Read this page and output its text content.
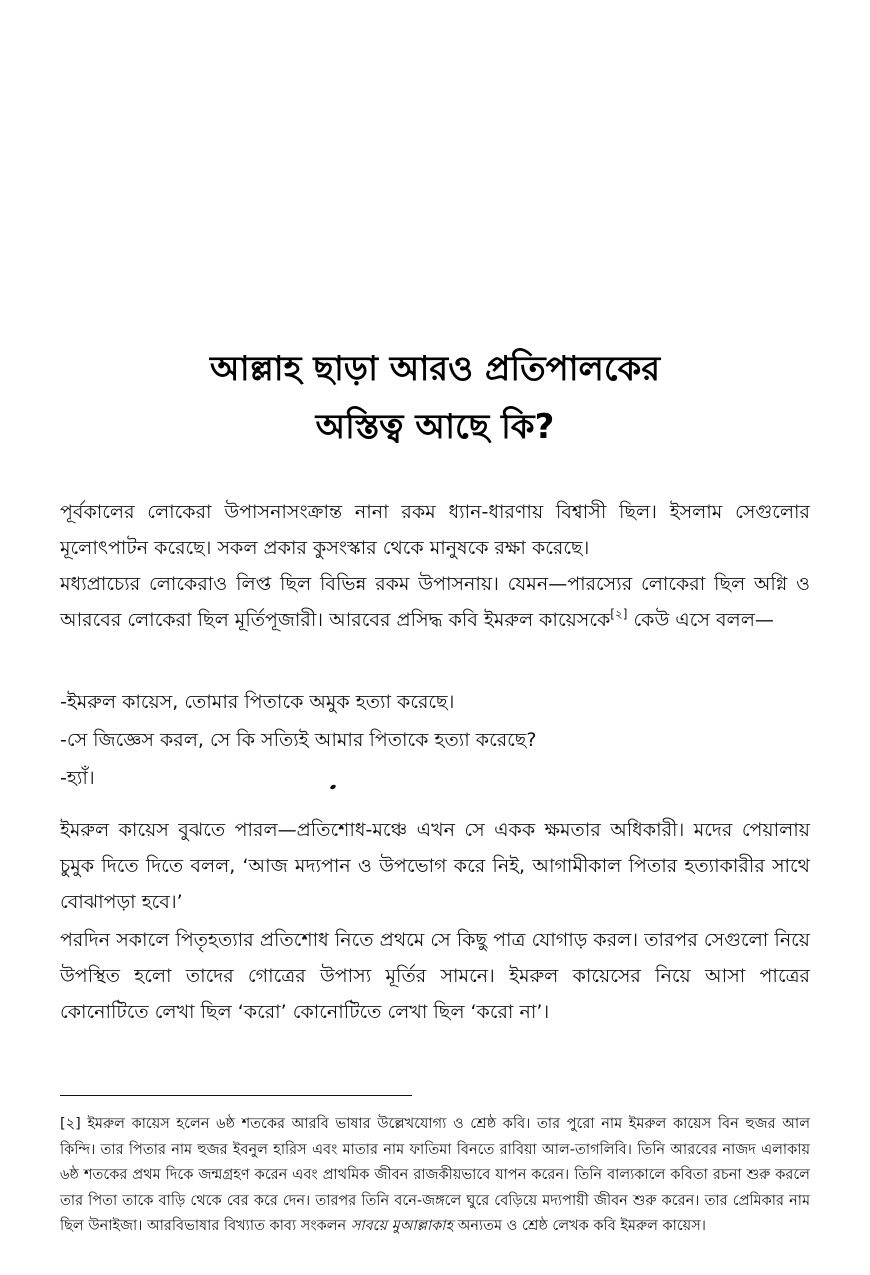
আল্লাহ ছাড়া আরও প্রতিপালকের
অস্তিত্ব আছে কি?

পূর্বকালের লোকেরা উপাসনাসংক্রান্ত নানা রকম ধ্যান-ধারণায় বিশ্বাসী ছিল। ইসলাম সেগুলোর মূলোৎপাটন করেছে। সকল প্রকার কুসংস্কার থেকে মানুষকে রক্ষা করেছে।

মধ্যপ্রাচ্যের লোকেরাও লিপ্ত ছিল বিভিন্ন রকম উপাসনায়। যেমন—পারস্যের লোকেরা ছিল অগ্নি ও আরবের লোকেরা ছিল মূর্তিপূজারী। আরবের প্রসিদ্ধ কবি ইমরুল কায়েসকে[২] কেউ এসে বলল—

-ইমরুল কায়েস, তোমার পিতাকে অমুক হত্যা করেছে।

-সে জিজ্ঞেস করল, সে কি সত্যিই আমার পিতাকে হত্যা করেছে?

-হ্যাঁ।

ইমরুল কায়েস বুঝতে পারল—প্রতিশোধ-মঞ্চে এখন সে একক ক্ষমতার অধিকারী। মদের পেয়ালায় চুমুক দিতে দিতে বলল, ‘আজ মদ্যপান ও উপভোগ করে নিই, আগামীকাল পিতার হত্যাকারীর সাথে বোঝাপড়া হবে।’

পরদিন সকালে পিতৃহত্যার প্রতিশোধ নিতে প্রথমে সে কিছু পাত্র যোগাড় করল। তারপর সেগুলো নিয়ে উপস্থিত হলো তাদের গোত্রের উপাস্য মূর্তির সামনে। ইমরুল কায়েসের নিয়ে আসা পাত্রের কোনোটিতে লেখা ছিল ‘করো’ কোনোটিতে লেখা ছিল ‘করো না’।

[২] ইমরুল কায়েস হলেন ৬ষ্ঠ শতকের আরবি ভাষার উল্লেখযোগ্য ও শ্রেষ্ঠ কবি। তার পুরো নাম ইমরুল কায়েস বিন হুজর আল কিন্দি। তার পিতার নাম হুজর ইবনুল হারিস এবং মাতার নাম ফাতিমা বিনতে রাবিয়া আল-তাগলিবি। তিনি আরবের নাজদ এলাকায় ৬ষ্ঠ শতকের প্রথম দিকে জন্মগ্রহণ করেন এবং প্রাথমিক জীবন রাজকীয়ভাবে যাপন করেন। তিনি বাল্যকালে কবিতা রচনা শুরু করলে তার পিতা তাকে বাড়ি থেকে বের করে দেন। তারপর তিনি বনে-জঙ্গলে ঘুরে বেড়িয়ে মদ্যপায়ী জীবন শুরু করেন। তার প্রেমিকার নাম ছিল উনাইজা। আরবিভাষার বিখ্যাত কাব্য সংকলন সাবয়ে মুআল্লাকাহ অন্যতম ও শ্রেষ্ঠ লেখক কবি ইমরুল কায়েস।
